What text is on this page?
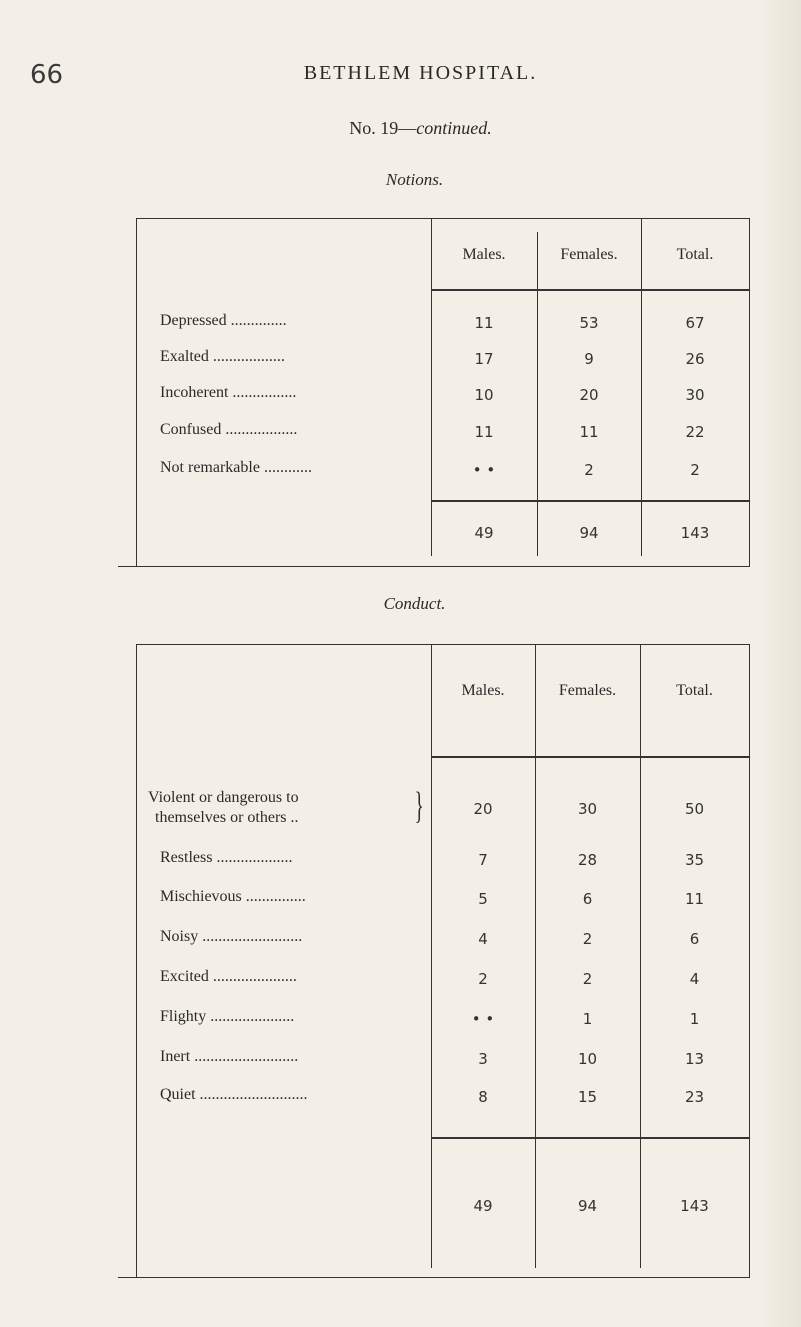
66	BETHLEM HOSPITAL.
No. 19—continued.
Notions.
Males.	Females.	Total.
Depressed ..............	11	53	67
Exalted ..................	17	9	26
Incoherent ................	10	20	30
Confused ..................	11	11	22
Not remarkable ............	• •	2	2
49	94	143
Conduct.
Males.	Females.	Total.
Violent or dangerous to
themselves or others ..	}	20	30	50
Restless ...................	7	28	35
Mischievous ...............	5	6	11
Noisy .........................	4	2	6
Excited .....................	2	2	4
Flighty .....................	• •	1	1
Inert ..........................	3	10	13
Quiet ...........................	8	15	23
49	94	143
